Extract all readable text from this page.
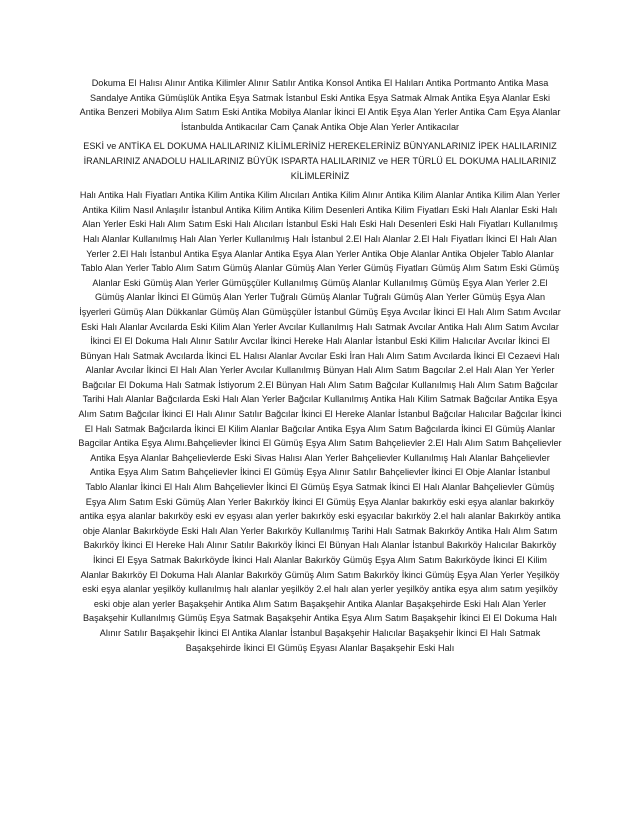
Dokuma El Halısı Alınır Antika Kilimler Alınır Satılır Antika Konsol Antika El Halıları Antika Portmanto Antika Masa Sandalye Antika Gümüşlük Antika Eşya Satmak İstanbul Eski Antika Eşya Satmak Almak Antika Eşya Alanlar Eski Antika Benzeri Mobilya Alım Satım Eski Antika Mobilya Alanlar İkinci El Antik Eşya Alan Yerler Antika Cam Eşya Alanlar İstanbulda Antikacılar Cam Çanak Antika Obje Alan Yerler Antikacılar

ESKİ ve ANTİKA EL DOKUMA HALILARINIZ KİLİMLERİNİZ HEREKELERİNİZ BÜNYANLARINIZ İPEK HALILARINIZ İRANLARINIZ ANADOLU HALILARINIZ BÜYÜK ISPARTA HALILARINIZ ve HER TÜRLÜ EL DOKUMA HALILARINIZ KİLİMLERİNİZ

Halı Antika Halı Fiyatları Antika Kilim Antika Kilim Alıcıları Antika Kilim Alınır Antika Kilim Alanlar Antika Kilim Alan Yerler Antika Kilim Nasıl Anlaşılır İstanbul Antika Kilim Antika Kilim Desenleri Antika Kilim Fiyatları Eski Halı Alanlar Eski Halı Alan Yerler Eski Halı Alım Satım Eski Halı Alıcıları İstanbul Eski Halı Eski Halı Desenleri Eski Halı Fiyatları Kullanılmış Halı Alanlar Kullanılmış Halı Alan Yerler Kullanılmış Halı İstanbul 2.El Halı Alanlar 2.El Halı Fiyatları İkinci El Halı Alan Yerler 2.El Halı İstanbul Antika Eşya Alanlar Antika Eşya Alan Yerler Antika Obje Alanlar Antika Objeler Tablo Alanlar Tablo Alan Yerler Tablo Alım Satım Gümüş Alanlar Gümüş Alan Yerler Gümüş Fiyatları Gümüş Alım Satım Eski Gümüş Alanlar Eski Gümüş Alan Yerler Gümüşçüler Kullanılmış Gümüş Alanlar Kullanılmış Gümüş Eşya Alan Yerler 2.El Gümüş Alanlar İkinci El Gümüş Alan Yerler Tuğralı Gümüş Alanlar Tuğralı Gümüş Alan Yerler Gümüş Eşya Alan İşyerleri Gümüş Alan Dükkanlar Gümüş Alan Gümüşçüler İstanbul Gümüş Eşya Avcılar İkinci El Halı Alım Satım Avcılar Eski Halı Alanlar Avcılarda Eski Kilim Alan Yerler Avcılar Kullanılmış Halı Satmak Avcılar Antika Halı Alım Satım Avcılar İkinci El El Dokuma Halı Alınır Satılır Avcılar İkinci Hereke Halı Alanlar İstanbul Eski Kilim Halıcılar Avcılar İkinci El Bünyan Halı Satmak Avcılarda İkinci EL Halısı Alanlar Avcılar Eski İran Halı Alım Satım Avcılarda İkinci El Cezaevi Halı Alanlar Avcılar İkinci El Halı Alan Yerler Avcılar Kullanılmış Bünyan Halı Alım Satım Bagcılar 2.el Halı Alan Yer Yerler Bağcılar El Dokuma Halı Satmak İstiyorum 2.El Bünyan Halı Alım Satım Bağcılar Kullanılmış Halı Alım Satım Bağcılar Tarihi Halı Alanlar Bağcılarda Eski Halı Alan Yerler Bağcılar Kullanılmış Antika Halı Kilim Satmak Bağcılar Antika Eşya Alım Satım Bağcılar İkinci El Halı Alınır Satılır Bağcılar İkinci El Hereke Alanlar İstanbul Bağcılar Halıcılar Bağcılar İkinci El Halı Satmak Bağcılarda İkinci El Kilim Alanlar Bağcılar Antika Eşya Alım Satım Bağcılarda İkinci El Gümüş Alanlar Bagcilar Antika Eşya Alımı.Bahçelievler İkinci El Gümüş Eşya Alım Satım Bahçelievler 2.El Halı Alım Satım Bahçelievler Antika Eşya Alanlar Bahçelievlerde Eski Sivas Halısı Alan Yerler Bahçelievler Kullanılmış Halı Alanlar Bahçelievler Antika Eşya Alım Satım Bahçelievler İkinci El Gümüş Eşya Alınır Satılır Bahçelievler İkinci El Obje Alanlar İstanbul Tablo Alanlar İkinci El Halı Alım Bahçelievler İkinci El Gümüş Eşya Satmak İkinci El Halı Alanlar Bahçelievler Gümüş Eşya Alım Satım Eski Gümüş Alan Yerler Bakırköy İkinci El Gümüş Eşya Alanlar bakırköy eski eşya alanlar bakırköy antika eşya alanlar bakırköy eski ev eşyası alan yerler bakırköy eski eşyacılar bakırköy 2.el halı alanlar Bakırköy antika obje Alanlar Bakırköyde Eski Halı Alan Yerler Bakırköy Kullanılmış Tarihi Halı Satmak Bakırköy Antika Halı Alım Satım Bakırköy İkinci El Hereke Halı Alınır Satılır Bakırköy İkinci El Bünyan Halı Alanlar İstanbul Bakırköy Halıcılar Bakırköy İkinci El Eşya Satmak Bakırköyde İkinci Halı Alanlar Bakırköy Gümüş Eşya Alım Satım Bakırköyde İkinci El Kilim Alanlar Bakırköy El Dokuma Halı Alanlar Bakırköy Gümüş Alım Satım Bakırköy İkinci Gümüş Eşya Alan Yerler Yeşilköy eski eşya alanlar yeşilköy kullanılmış halı alanlar yeşilköy 2.el halı alan yerler yeşilköy antika eşya alım satım yeşilköy eski obje alan yerler Başakşehir Antika Alım Satım Başakşehir Antika Alanlar Başakşehirde Eski Halı Alan Yerler Başakşehir Kullanılmış Gümüş Eşya Satmak Başakşehir Antika Eşya Alım Satım Başakşehir İkinci El El Dokuma Halı Alınır Satılır Başakşehir İkinci El Antika Alanlar İstanbul Başakşehir Halıcılar Başakşehir İkinci El Halı Satmak Başakşehirde İkinci El Gümüş Eşyası Alanlar Başakşehir Eski Halı
